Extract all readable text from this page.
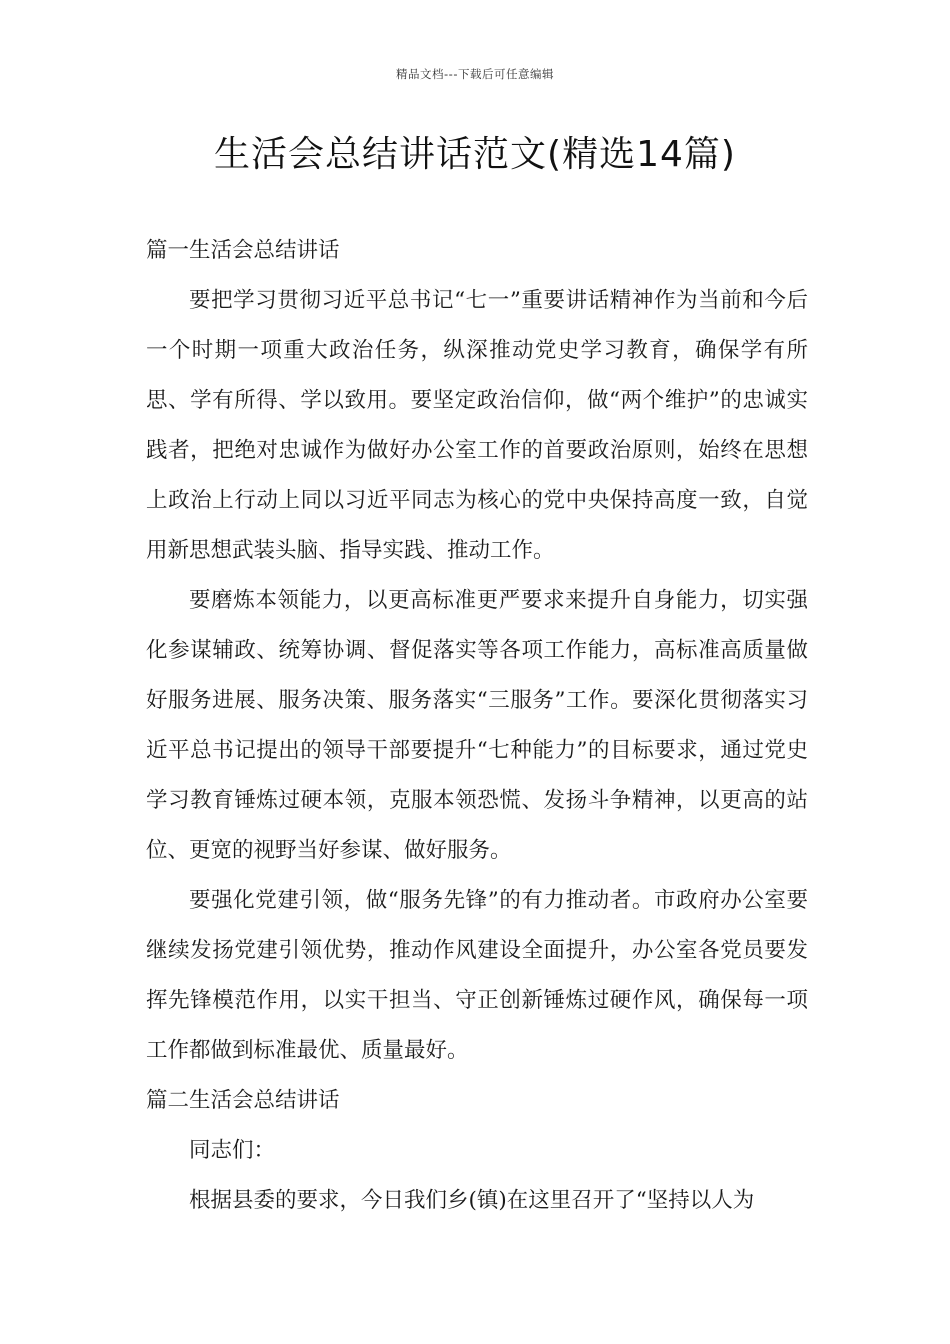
精品文档---下载后可任意编辑
生活会总结讲话范文(精选14篇)
篇一生活会总结讲话

要把学习贯彻习近平总书记“七一”重要讲话精神作为当前和今后一个时期一项重大政治任务，纵深推动党史学习教育，确保学有所思、学有所得、学以致用。要坚定政治信仰，做“两个维护”的忠诚实践者，把绝对忠诚作为做好办公室工作的首要政治原则，始终在思想上政治上行动上同以习近平同志为核心的党中央保持高度一致，自觉用新思想武装头脑、指导实践、推动工作。

要磨炼本领能力，以更高标准更严要求来提升自身能力，切实强化参谋辅政、统筹协调、督促落实等各项工作能力，高标准高质量做好服务进展、服务决策、服务落实“三服务”工作。要深化贯彻落实习近平总书记提出的领导干部要提升“七种能力”的目标要求，通过党史学习教育锤炼过硬本领，克服本领恐慌、发扬斗争精神，以更高的站位、更宽的视野当好参谋、做好服务。

要强化党建引领，做“服务先锋”的有力推动者。市政府办公室要继续发扬党建引领优势，推动作风建设全面提升，办公室各党员要发挥先锋模范作用，以实干担当、守正创新锤炼过硬作风，确保每一项工作都做到标准最优、质量最好。

篇二生活会总结讲话

同志们：

根据县委的要求，今日我们乡(镇)在这里召开了“坚持以人为
